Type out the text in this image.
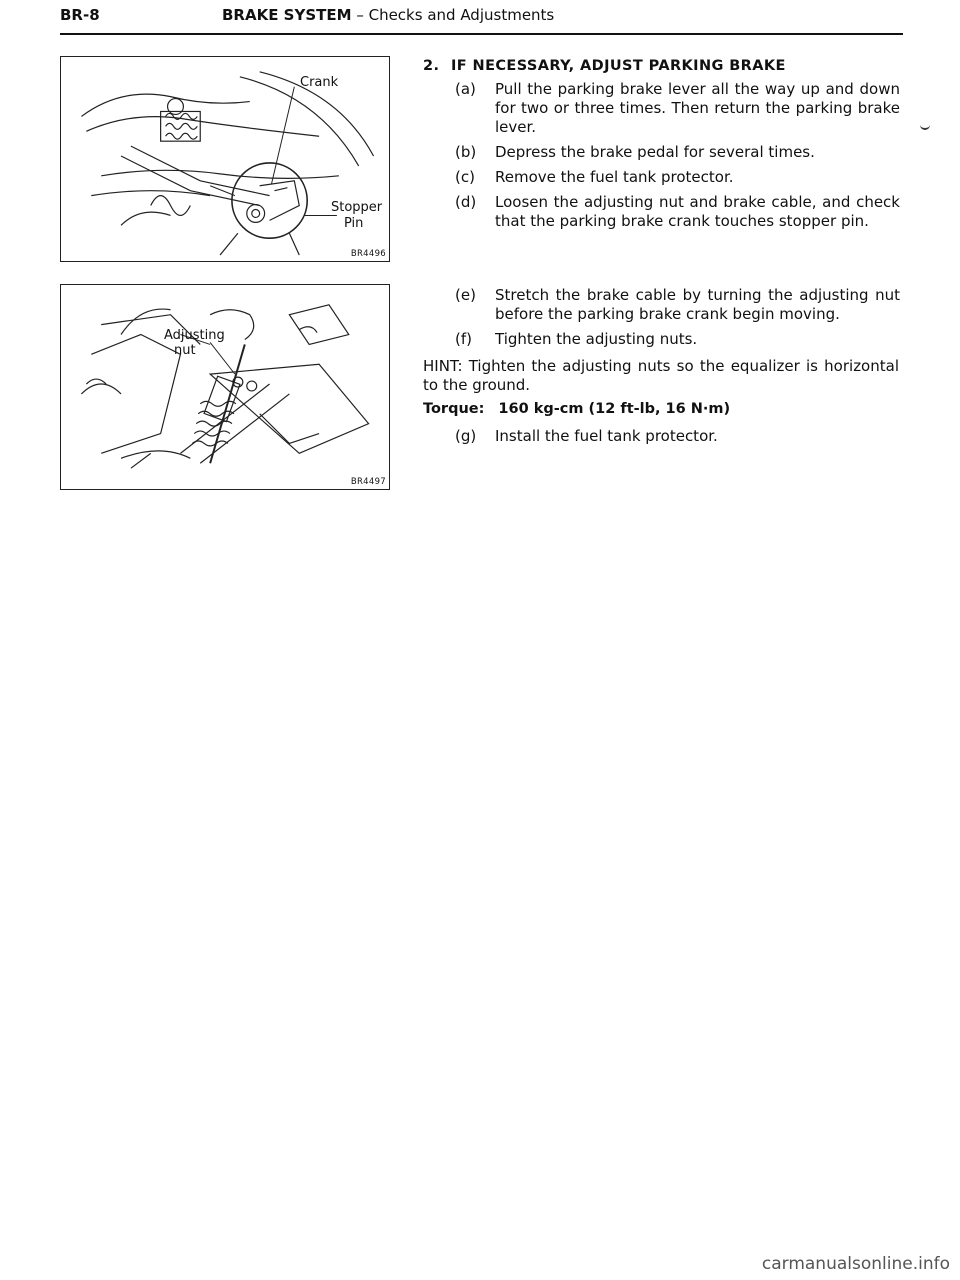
BR-8	BRAKE SYSTEM – Checks and Adjustments
Crank
Stopper
Pin
BR4496
Adjusting
nut
BR4497
2. IF NECESSARY, ADJUST PARKING BRAKE
(a) Pull the parking brake lever all the way up and down for two or three times. Then return the parking brake lever.
(b) Depress the brake pedal for several times.
(c) Remove the fuel tank protector.
(d) Loosen the adjusting nut and brake cable, and check that the parking brake crank touches stopper pin.
(e) Stretch the brake cable by turning the adjusting nut before the parking brake crank begin moving.
(f) Tighten the adjusting nuts.
HINT: Tighten the adjusting nuts so the equalizer is horizontal to the ground.
Torque: 160 kg-cm (12 ft-lb, 16 N·m)
(g) Install the fuel tank protector.
carmanualsonline.info
